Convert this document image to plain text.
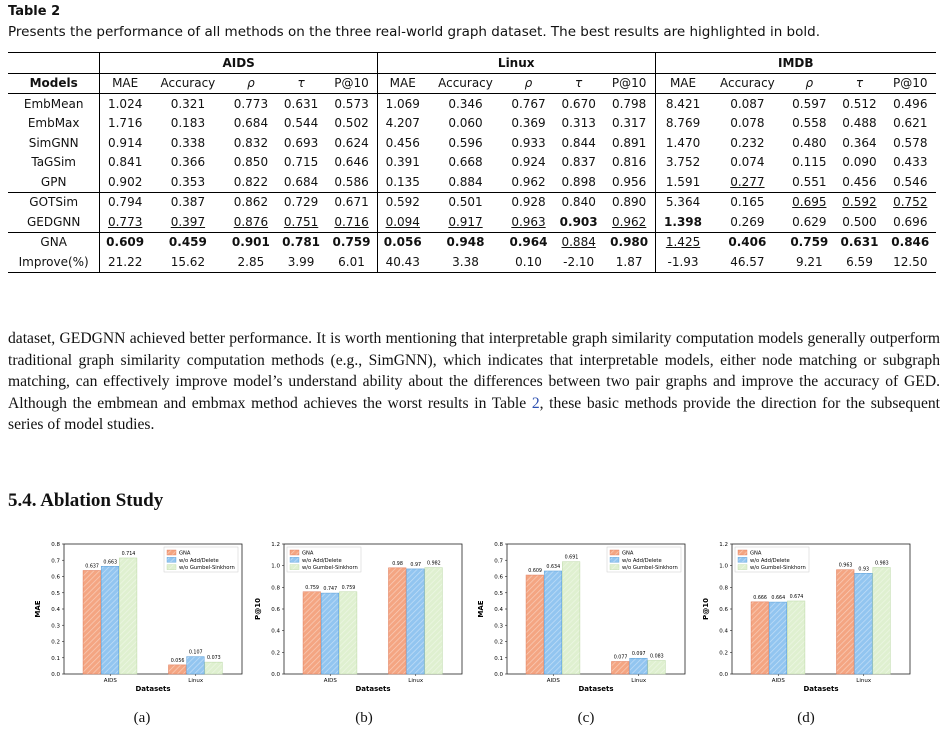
Table 2
Presents the performance of all methods on the three real-world graph dataset. The best results are highlighted in bold.
	AIDS					Linux					IMDB				
Models	MAE	Accuracy	ρ	τ	P@10	MAE	Accuracy	ρ	τ	P@10	MAE	Accuracy	ρ	τ	P@10
EmbMean	1.024	0.321	0.773	0.631	0.573	1.069	0.346	0.767	0.670	0.798	8.421	0.087	0.597	0.512	0.496
EmbMax	1.716	0.183	0.684	0.544	0.502	4.207	0.060	0.369	0.313	0.317	8.769	0.078	0.558	0.488	0.621
SimGNN	0.914	0.338	0.832	0.693	0.624	0.456	0.596	0.933	0.844	0.891	1.470	0.232	0.480	0.364	0.578
TaGSim	0.841	0.366	0.850	0.715	0.646	0.391	0.668	0.924	0.837	0.816	3.752	0.074	0.115	0.090	0.433
GPN	0.902	0.353	0.822	0.684	0.586	0.135	0.884	0.962	0.898	0.956	1.591	0.277	0.551	0.456	0.546
GOTSim	0.794	0.387	0.862	0.729	0.671	0.592	0.501	0.928	0.840	0.890	5.364	0.165	0.695	0.592	0.752
GEDGNN	0.773	0.397	0.876	0.751	0.716	0.094	0.917	0.963	0.903	0.962	1.398	0.269	0.629	0.500	0.696
GNA	0.609	0.459	0.901	0.781	0.759	0.056	0.948	0.964	0.884	0.980	1.425	0.406	0.759	0.631	0.846
Improve(%)	21.22	15.62	2.85	3.99	6.01	40.43	3.38	0.10	-2.10	1.87	-1.93	46.57	9.21	6.59	12.50
dataset, GEDGNN achieved better performance. It is worth mentioning that interpretable graph similarity computation models generally outperform traditional graph similarity computation methods (e.g., SimGNN), which indicates that interpretable models, either node matching or subgraph matching, can effectively improve model’s understand ability about the differences between two pair graphs and improve the accuracy of GED. Although the embmean and embmax method achieves the worst results in Table 2, these basic methods provide the direction for the subsequent series of model studies.
5.4. Ablation Study
0.0
0.1
0.2
0.3
0.4
0.5
0.6
0.7
0.8
MAE
Datasets
AIDS
0.637
0.663
0.714
Linux
0.056
0.107
0.073
GNA
w/o Add/Delete
w/o Gumbel-Sinkhorn
0.0
0.2
0.4
0.6
0.8
1.0
1.2
P@10
Datasets
AIDS
0.759 0.747 0.759
Linux
0.98 0.97 0.982
GNA
w/o Add/Delete
w/o Gumbel-Sinkhorn
0.0
0.1
0.2
0.3
0.4
0.5
0.6
0.7
0.8
MAE
Datasets
AIDS
0.609
0.634
0.691
Linux
0.077
0.097 0.083
GNA
w/o Add/Delete
w/o Gumbel-Sinkhorn
0.0
0.2
0.4
0.6
0.8
1.0
1.2
P@10
Datasets
AIDS
0.666 0.664 0.674
Linux
0.963
0.93
0.983
GNA
w/o Add/Delete
w/o Gumbel-Sinkhorn
(a)	(b)	(c)	(d)
